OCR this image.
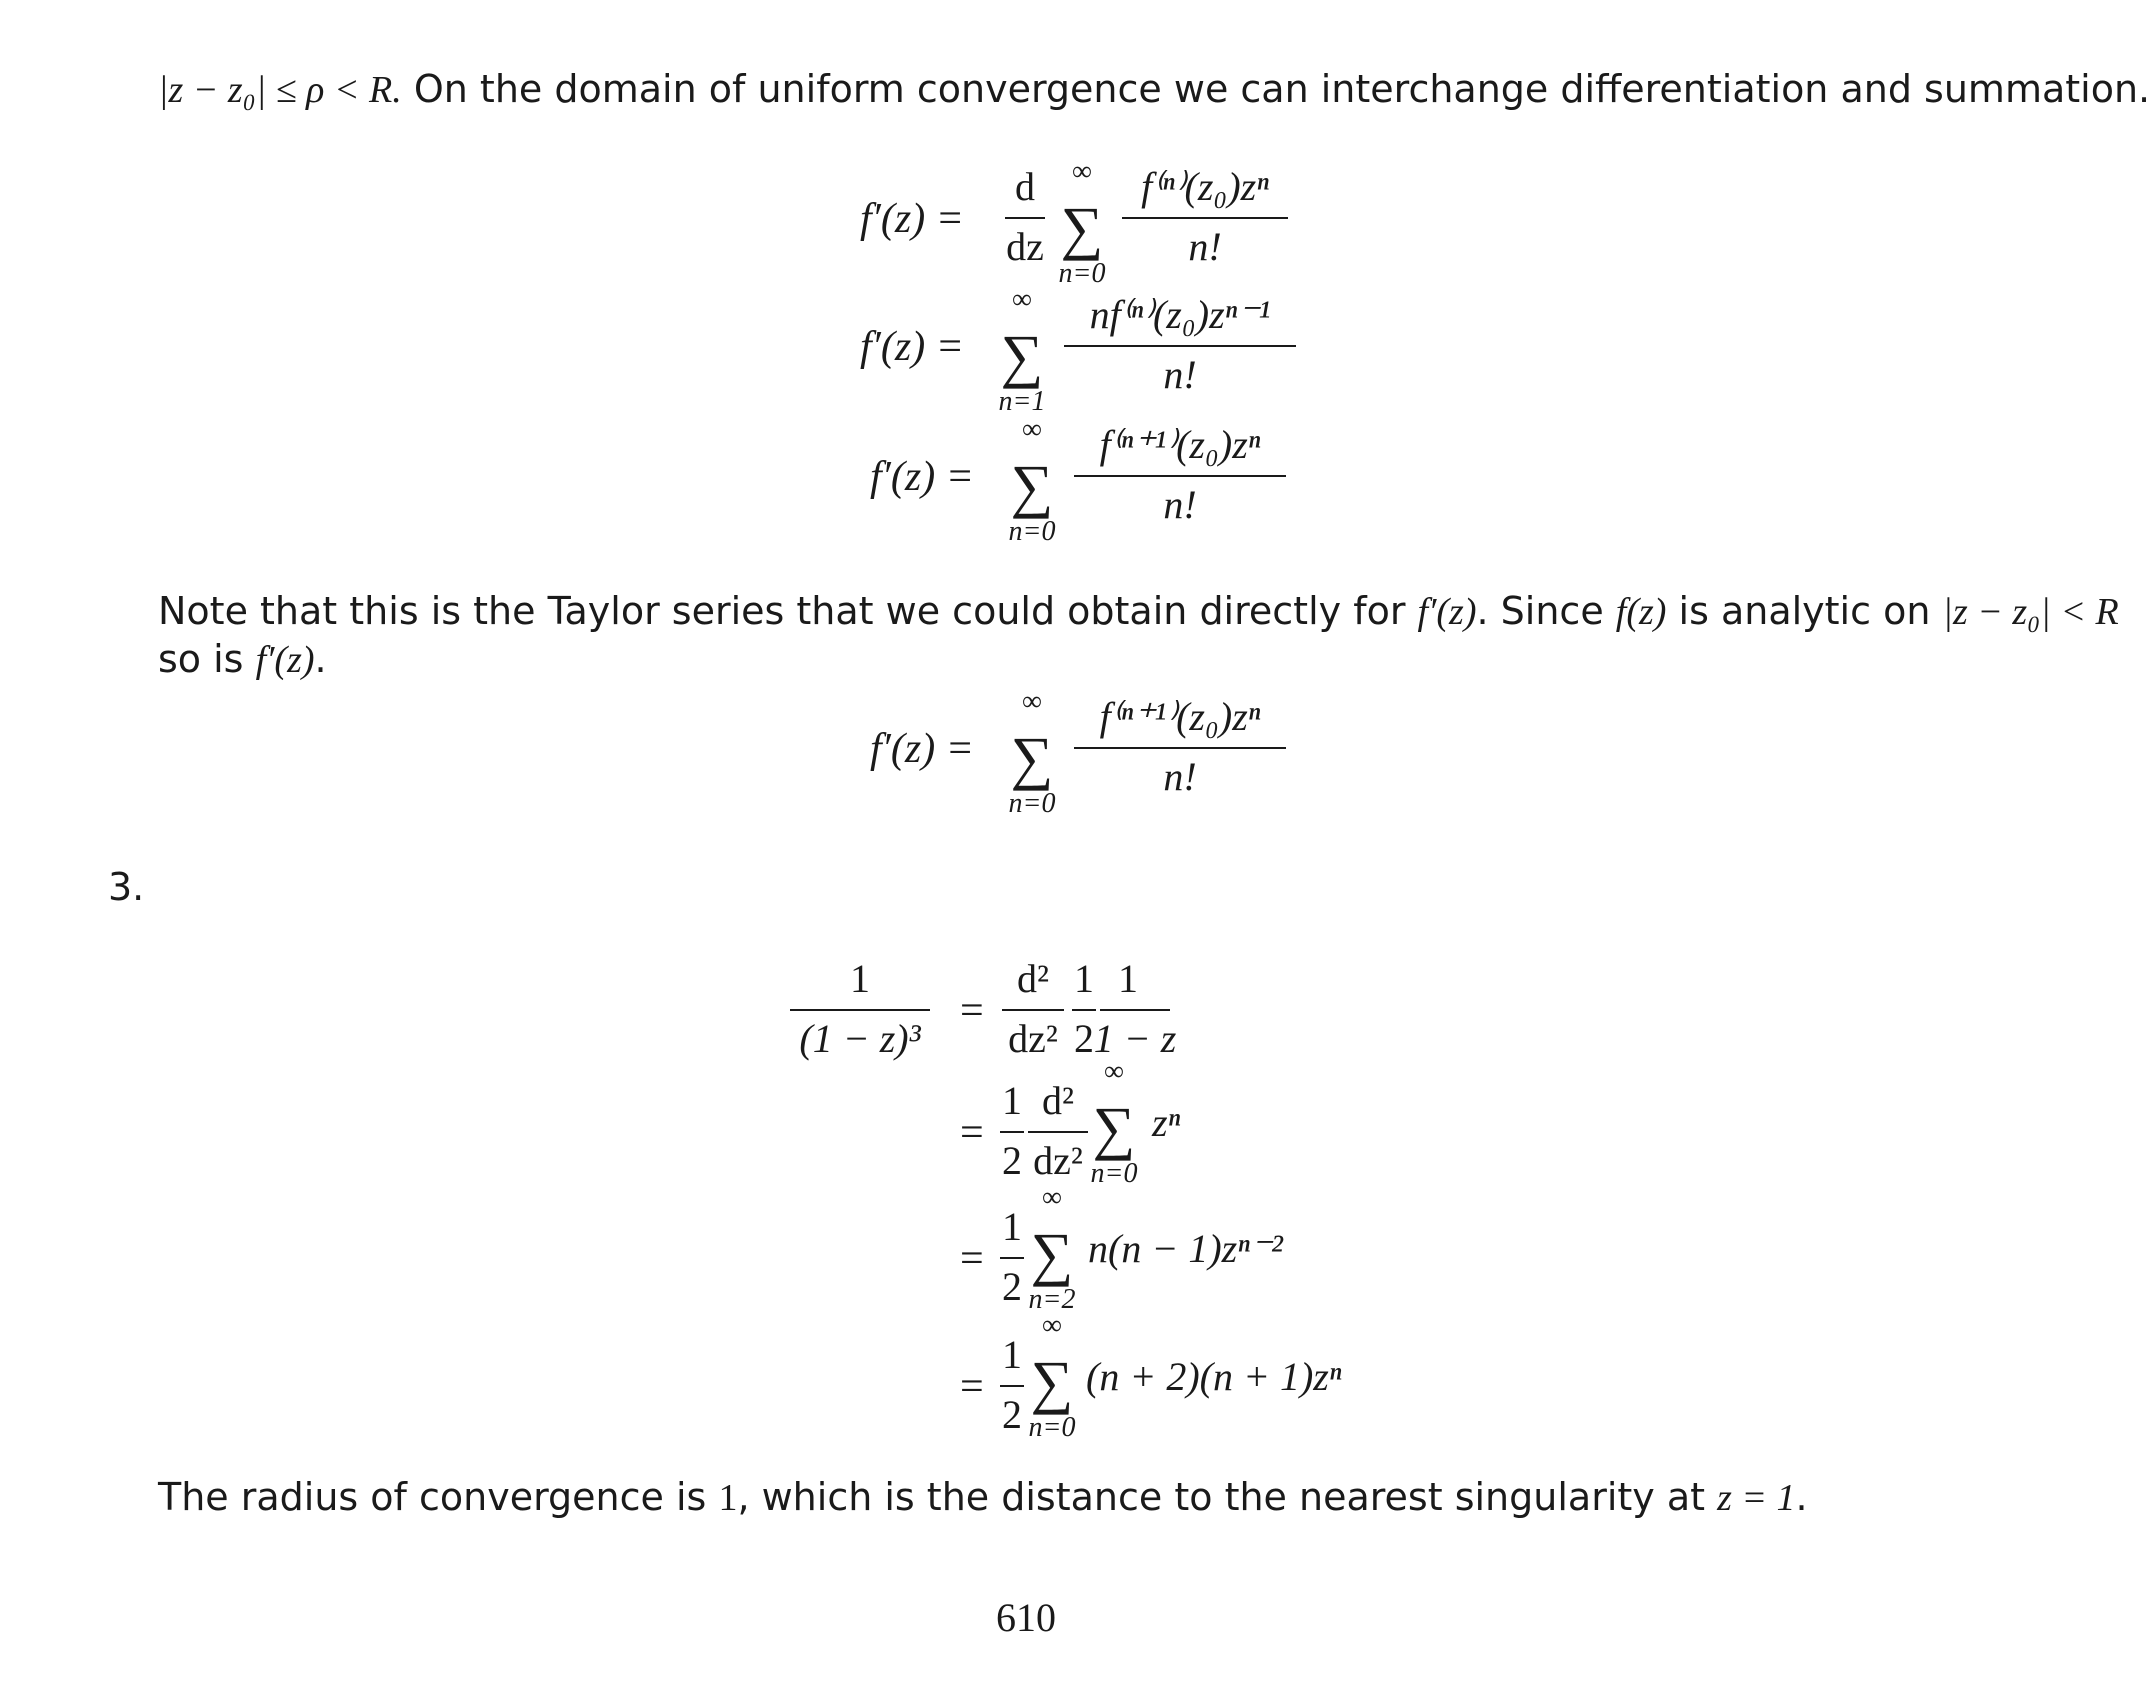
|z − z₀| ≤ ρ < R. On the domain of uniform convergence we can interchange differentiation and summation.
f′(z) =
d
dz
∞
∑
n=0
f⁽ⁿ⁾(z₀)zⁿ
n!
f′(z) =
∞
∑
n=1
nf⁽ⁿ⁾(z₀)zⁿ⁻¹
n!
f′(z) =
∞
∑
n=0
f⁽ⁿ⁺¹⁾(z₀)zⁿ
n!
Note that this is the Taylor series that we could obtain directly for f′(z). Since f(z) is analytic on |z − z₀| < R
so is f′(z).
f′(z) =
∞
∑
n=0
f⁽ⁿ⁺¹⁾(z₀)zⁿ
n!
3.
1
(1 − z)³
=
d²
dz²
1
2
1
1 − z
=
1
2
d²
dz²
∞
∑
n=0
zⁿ
=
1
2
∞
∑
n=2
n(n − 1)zⁿ⁻²
=
1
2
∞
∑
n=0
(n + 2)(n + 1)zⁿ
The radius of convergence is 1, which is the distance to the nearest singularity at z = 1.
610
